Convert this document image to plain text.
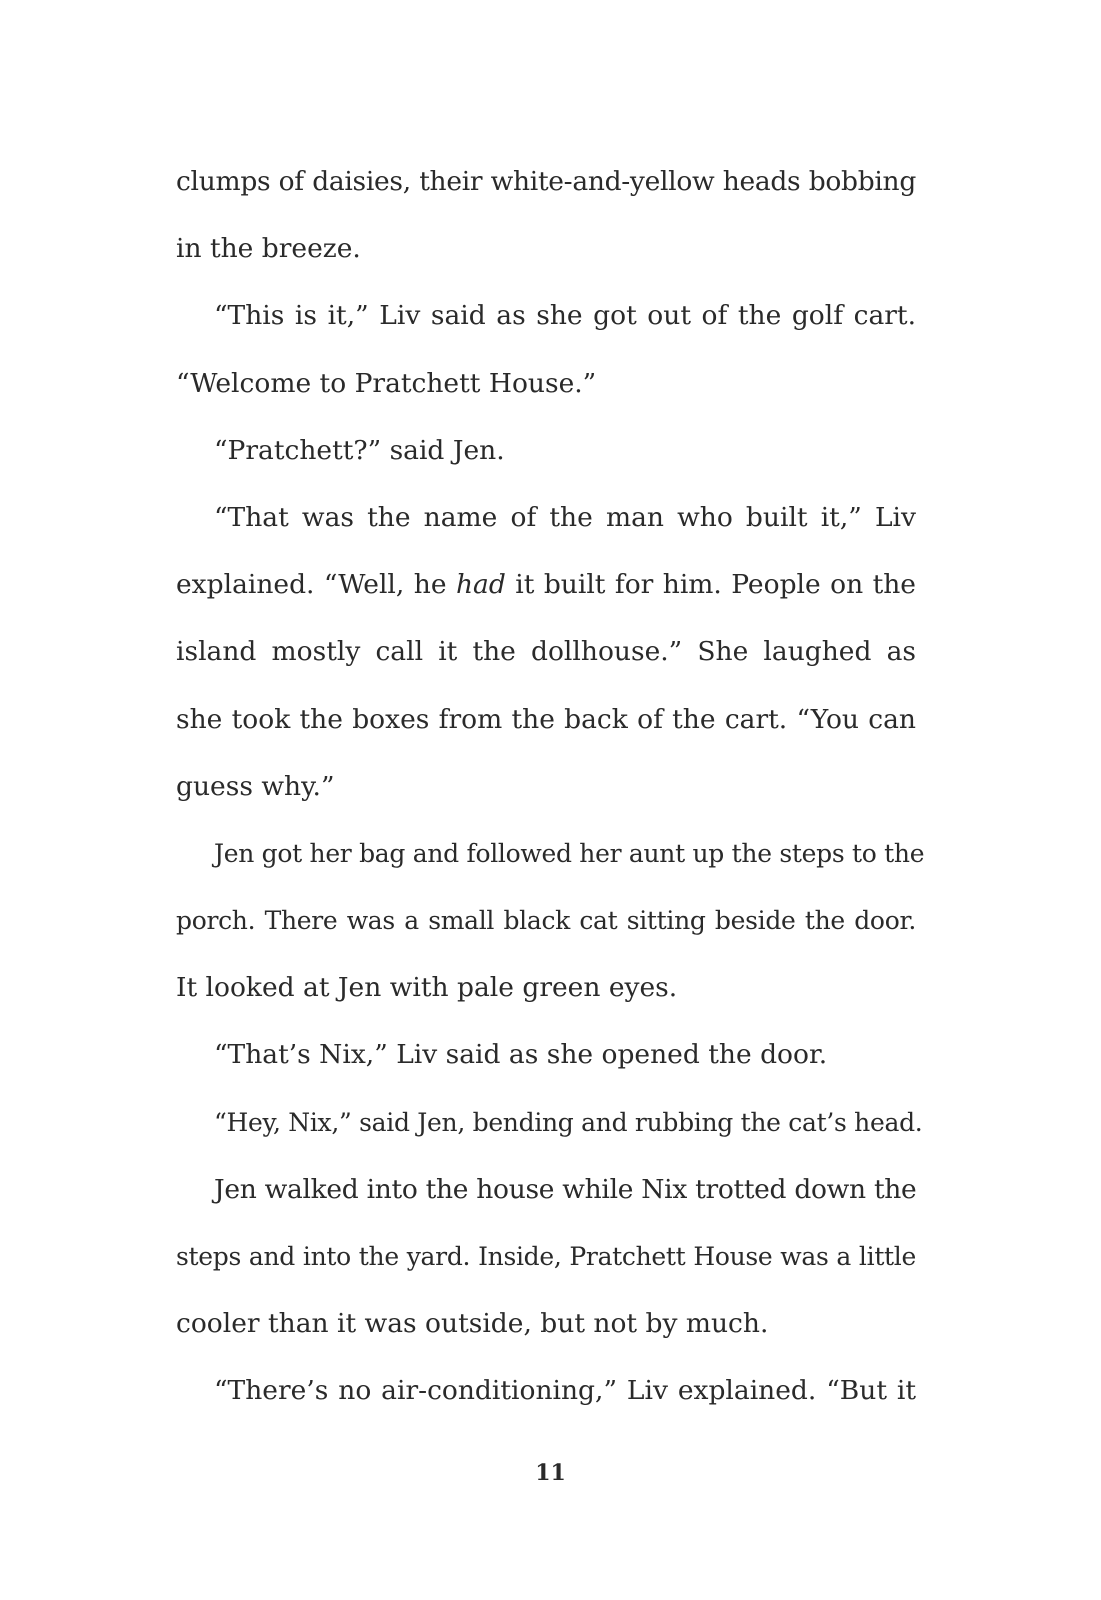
clumps of daisies, their white-and-yellow heads bobbing
in the breeze.
“This is it,” Liv said as she got out of the golf cart.
“Welcome to Pratchett House.”
“Pratchett?” said Jen.
“That was the name of the man who built it,” Liv
explained. “Well, he had it built for him. People on the
island mostly call it the dollhouse.” She laughed as
she took the boxes from the back of the cart. “You can
guess why.”
Jen got her bag and followed her aunt up the steps to the
porch. There was a small black cat sitting beside the door.
It looked at Jen with pale green eyes.
“That’s Nix,” Liv said as she opened the door.
“Hey, Nix,” said Jen, bending and rubbing the cat’s head.
Jen walked into the house while Nix trotted down the
steps and into the yard. Inside, Pratchett House was a little
cooler than it was outside, but not by much.
“There’s no air-conditioning,” Liv explained. “But it
11
